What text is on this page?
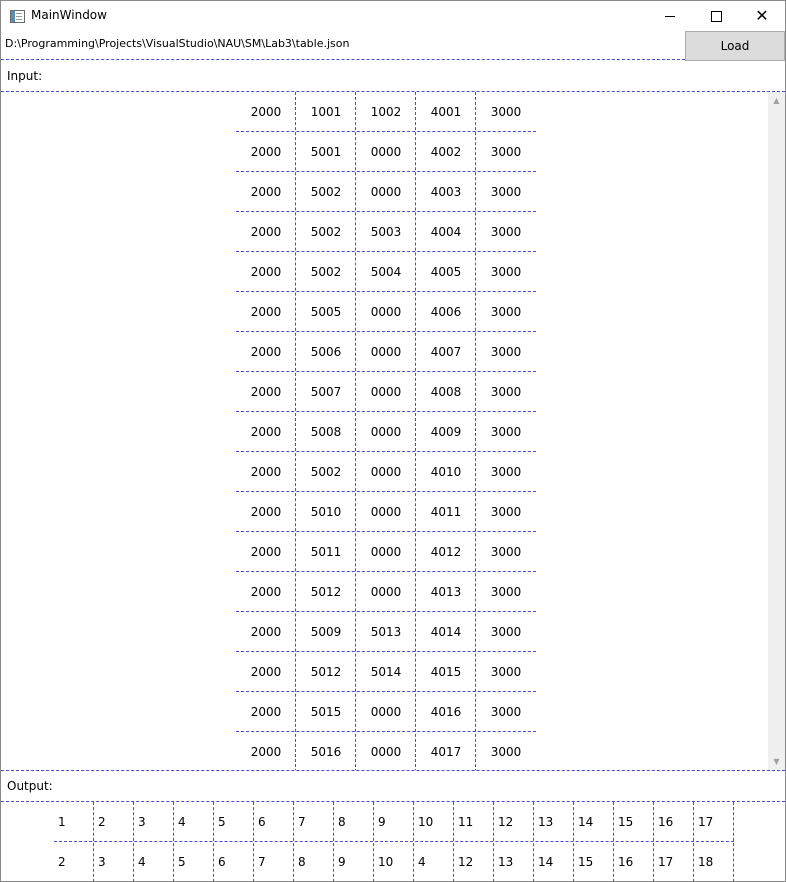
MainWindow	✕
D:\Programming\Projects\VisualStudio\NAU\SM\Lab3\table.json	Load
Input:
2000	1001	1002	4001	3000
2000	5001	0000	4002	3000
2000	5002	0000	4003	3000
2000	5002	5003	4004	3000
2000	5002	5004	4005	3000
2000	5005	0000	4006	3000
2000	5006	0000	4007	3000
2000	5007	0000	4008	3000
2000	5008	0000	4009	3000
2000	5002	0000	4010	3000
2000	5010	0000	4011	3000
2000	5011	0000	4012	3000
2000	5012	0000	4013	3000
2000	5009	5013	4014	3000
2000	5012	5014	4015	3000
2000	5015	0000	4016	3000
2000	5016	0000	4017	3000
▲
▼
Output:
1	2	3	4	5	6	7	8	9	10	11	12	13	14	15	16	17
2	3	4	5	6	7	8	9	10	4	12	13	14	15	16	17	18
